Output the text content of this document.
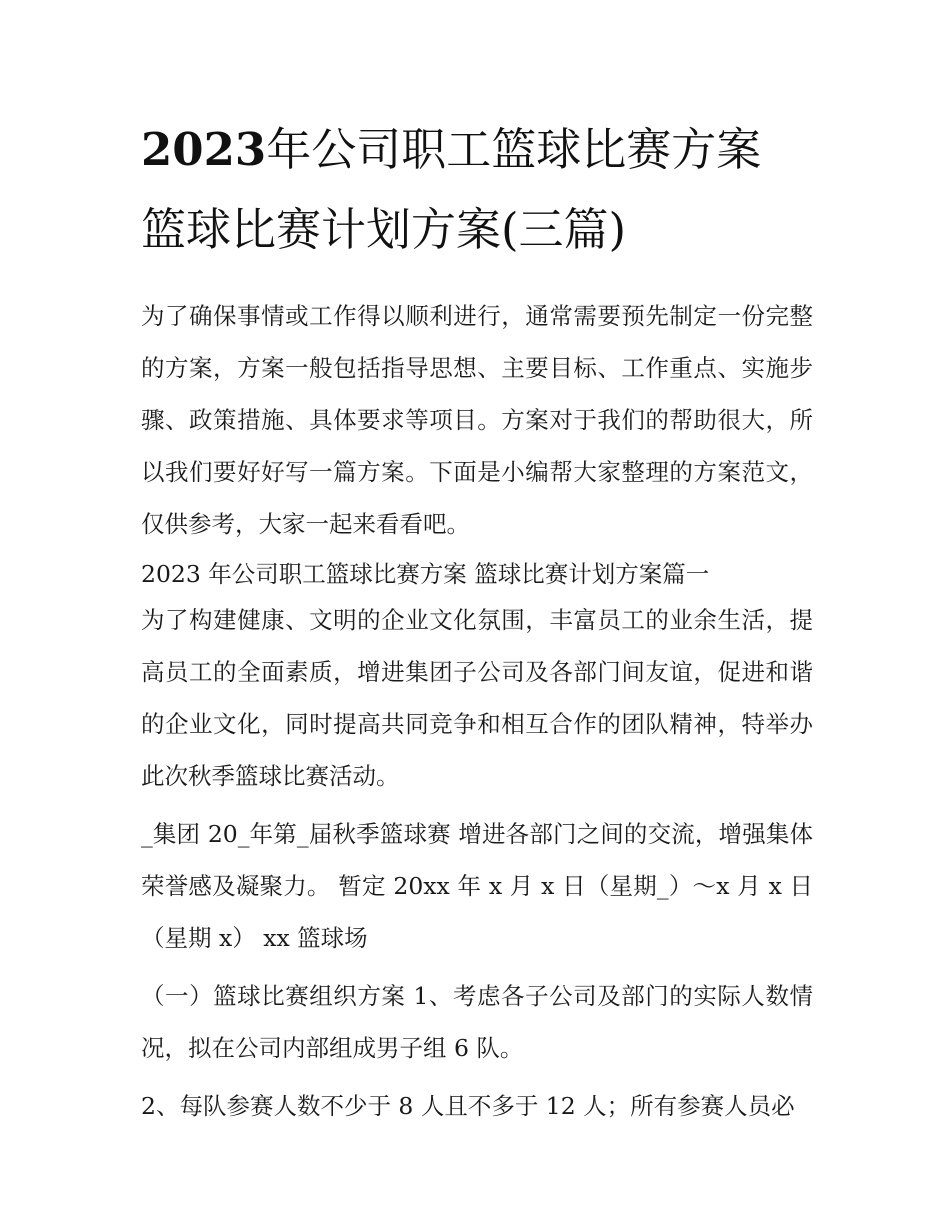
2023年公司职工篮球比赛方案
篮球比赛计划方案(三篇)

为了确保事情或工作得以顺利进行，通常需要预先制定一份完整的方案，方案一般包括指导思想、主要目标、工作重点、实施步骤、政策措施、具体要求等项目。方案对于我们的帮助很大，所以我们要好好写一篇方案。下面是小编帮大家整理的方案范文，仅供参考，大家一起来看看吧。

2023 年公司职工篮球比赛方案 篮球比赛计划方案篇一

为了构建健康、文明的企业文化氛围，丰富员工的业余生活，提高员工的全面素质，增进集团子公司及各部门间友谊，促进和谐的企业文化，同时提高共同竞争和相互合作的团队精神，特举办此次秋季篮球比赛活动。

_集团 20_年第_届秋季篮球赛 增进各部门之间的交流，增强集体荣誉感及凝聚力。 暂定 20xx 年 x 月 x 日（星期_）～x 月 x 日（星期 x） xx 篮球场

（一）篮球比赛组织方案 1、考虑各子公司及部门的实际人数情况，拟在公司内部组成男子组 6 队。

2、每队参赛人数不少于 8 人且不多于 12 人；所有参赛人员必
